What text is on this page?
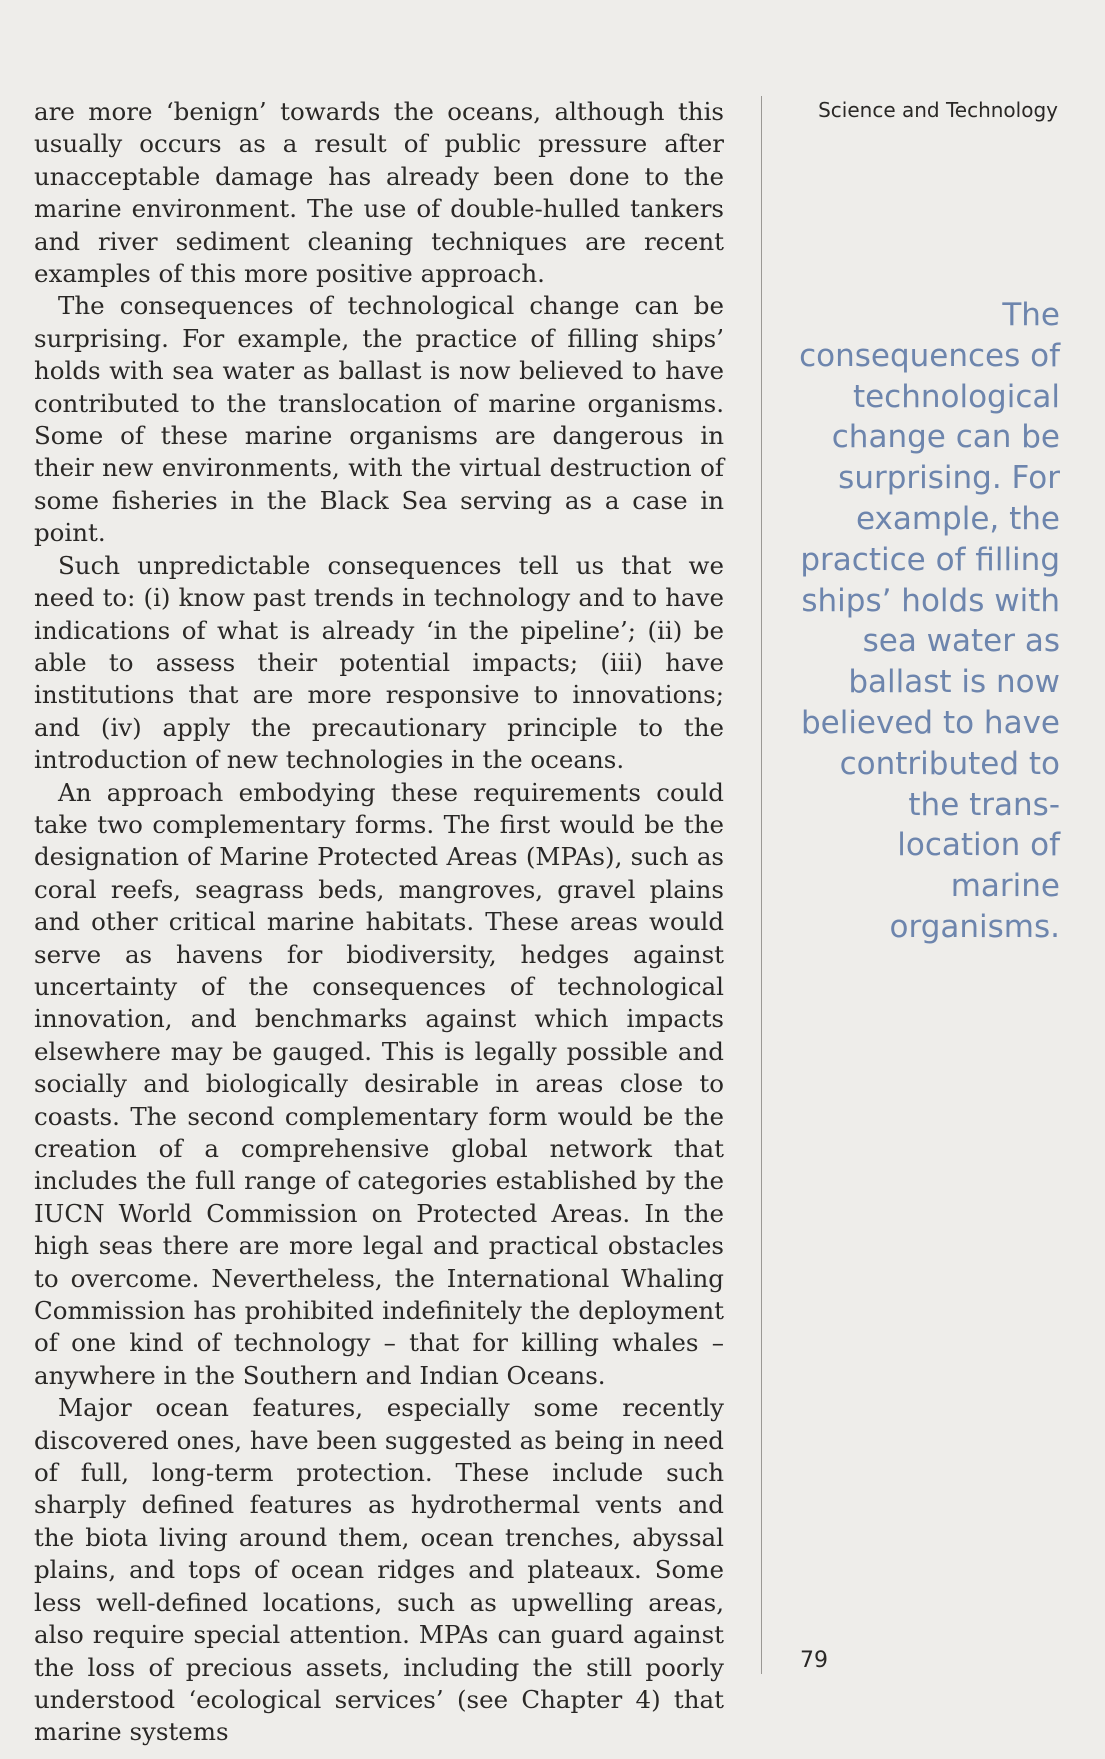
are more ‘benign’ towards the oceans, although this usually occurs as a result of public pressure after unacceptable damage has already been done to the marine environment. The use of double-hulled tankers and river sediment cleaning techniques are recent examples of this more positive approach.

The consequences of technological change can be surprising. For example, the practice of filling ships’ holds with sea water as ballast is now believed to have contributed to the translocation of marine organisms. Some of these marine organisms are dangerous in their new environments, with the virtual destruction of some fisheries in the Black Sea serving as a case in point.

Such unpredictable consequences tell us that we need to: (i) know past trends in technology and to have indications of what is already ‘in the pipeline’; (ii) be able to assess their potential impacts; (iii) have institutions that are more responsive to innovations; and (iv) apply the precautionary principle to the introduction of new technologies in the oceans.

An approach embodying these requirements could take two complementary forms. The first would be the designation of Marine Protected Areas (MPAs), such as coral reefs, seagrass beds, mangroves, gravel plains and other critical marine habitats. These areas would serve as havens for biodiversity, hedges against uncertainty of the consequences of technological innovation, and benchmarks against which impacts elsewhere may be gauged. This is legally possible and socially and biologically desirable in areas close to coasts. The second complementary form would be the creation of a comprehensive global network that includes the full range of categories established by the IUCN World Commission on Protected Areas. In the high seas there are more legal and practical obstacles to overcome. Nevertheless, the International Whaling Commission has prohibited indefinitely the deployment of one kind of technology – that for killing whales – anywhere in the Southern and Indian Oceans.

Major ocean features, especially some recently discovered ones, have been suggested as being in need of full, long-term protection. These include such sharply defined features as hydrothermal vents and the biota living around them, ocean trenches, abyssal plains, and tops of ocean ridges and plateaux. Some less well-defined locations, such as upwelling areas, also require special attention. MPAs can guard against the loss of precious assets, including the still poorly understood ‘ecological services’ (see Chapter 4) that marine systems

Science and Technology
The consequences of technological change can be surprising. For example, the practice of filling ships’ holds with sea water as ballast is now believed to have contributed to the trans-location of marine organisms.
79
